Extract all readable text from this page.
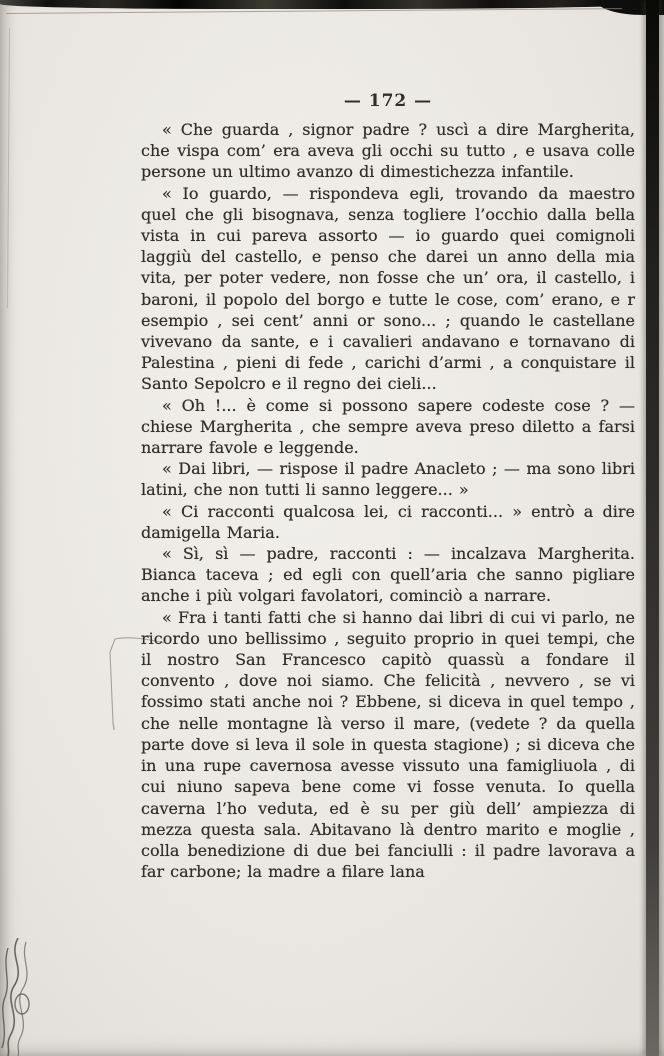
— 172 —

« Che guarda , signor padre ? uscì a dire Margherita, che vispa com’ era aveva gli occhi su tutto , e usava colle persone un ultimo avanzo di dimestichezza infantile.

« Io guardo, — rispondeva egli, trovando da maestro quel che gli bisognava, senza togliere l’occhio dalla bella vista in cui pareva assorto — io guardo quei comignoli laggiù del castello, e penso che darei un anno della mia vita, per poter vedere, non fosse che un’ ora, il castello, i baroni, il popolo del borgo e tutte le cose, com’ erano, e r esempio , sei cent’ anni or sono... ; quando le castellane vivevano da sante, e i cavalieri andavano e tornavano di Palestina , pieni di fede , carichi d’armi , a conquistare il Santo Sepolcro e il regno dei cieli...

« Oh !... è come si possono sapere codeste cose ? — chiese Margherita , che sempre aveva preso diletto a farsi narrare favole e leggende.

« Dai libri, — rispose il padre Anacleto ; — ma sono libri latini, che non tutti li sanno leggere... »

« Ci racconti qualcosa lei, ci racconti... » entrò a dire damigella Maria.

« Sì, sì — padre, racconti : — incalzava Margherita. Bianca taceva ; ed egli con quell’aria che sanno pigliare anche i più volgari favolatori, cominciò a narrare.

« Fra i tanti fatti che si hanno dai libri di cui vi parlo, ne ricordo uno bellissimo , seguito proprio in quei tempi, che il nostro San Francesco capitò quassù a fondare il convento , dove noi siamo. Che felicità , nevvero , se vi fossimo stati anche noi ? Ebbene, si diceva in quel tempo , che nelle montagne là verso il mare, (vedete ? da quella parte dove si leva il sole in questa stagione) ; si diceva che in una rupe cavernosa avesse vissuto una famigliuola , di cui niuno sapeva bene come vi fosse venuta. Io quella caverna l’ho veduta, ed è su per giù dell’ ampiezza di mezza questa sala. Abitavano là dentro marito e moglie , colla benedizione di due bei fanciulli : il padre lavorava a far carbone; la madre a filare lana
